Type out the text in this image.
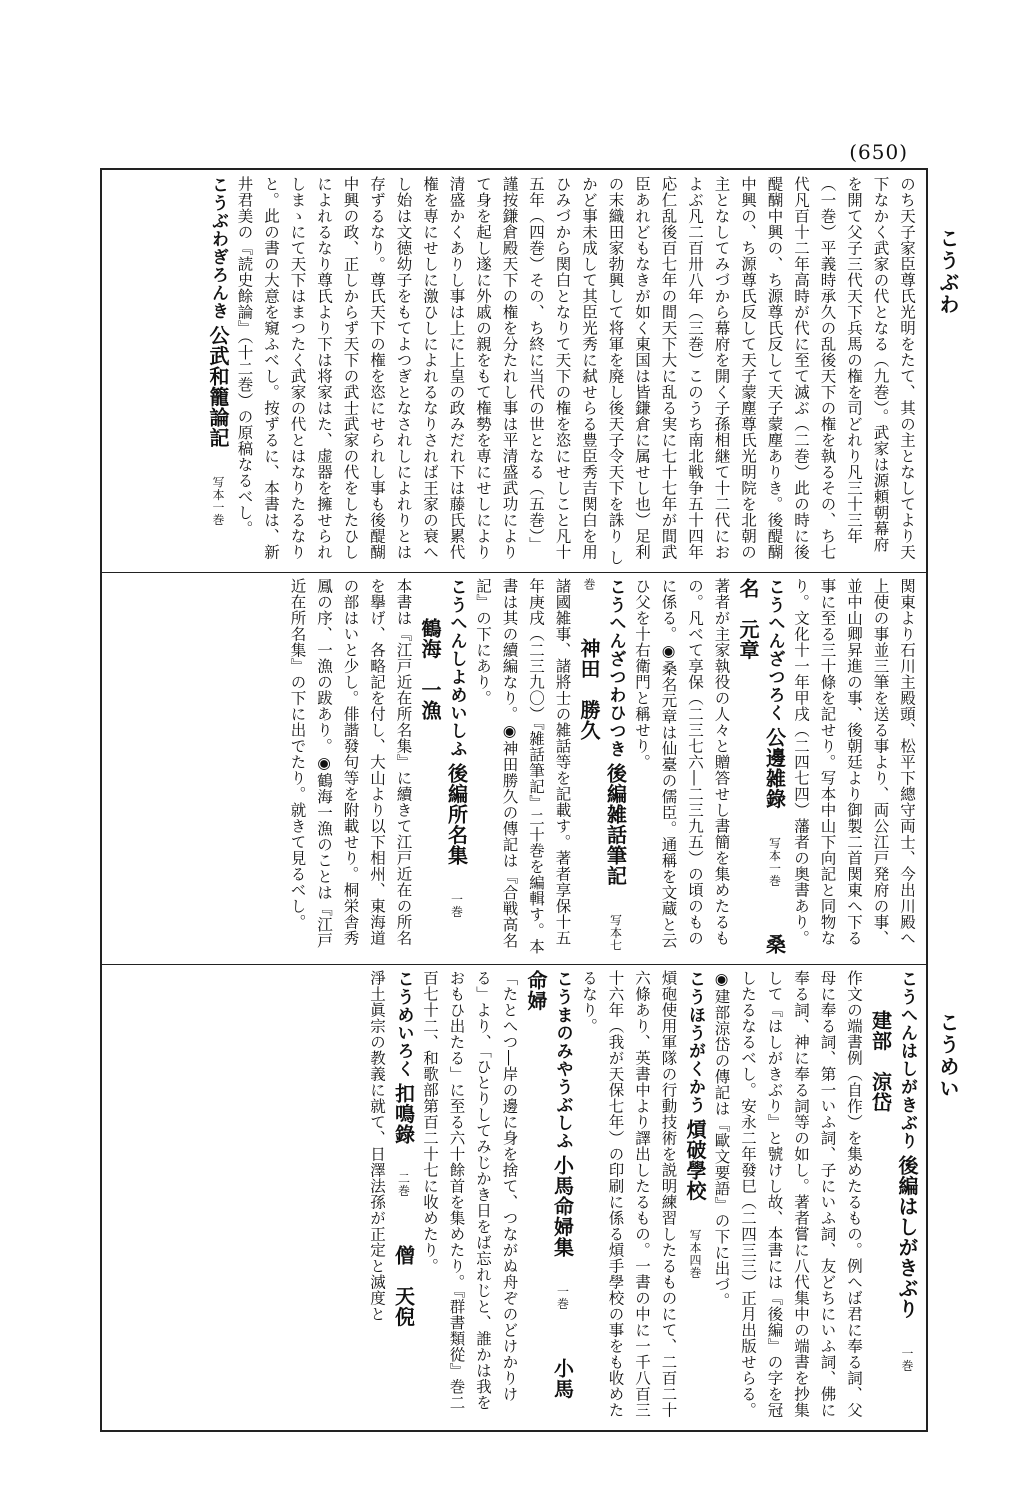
(650)
こうぶわ
こうめい
のち天子家臣尊氏光明をたて、其の主となしてより天下なかく武家の代となる（九巻）。武家は源頼朝幕府を開て父子三代天下兵馬の権を司どれり凡三十三年（一巻）平義時承久の乱後天下の権を執るその、ち七代凡百十二年高時が代に至て滅ぶ（二巻）此の時に後醍醐中興の、ち源尊氏反して天子蒙塵ありき。後醍醐中興の、ち源尊氏反して天子蒙塵尊氏光明院を北朝の主となしてみづから幕府を開く子孫相継て十二代におよぶ凡二百卅八年（三巻）このうち南北戦争五十四年応仁乱後百七年の間天下大に乱る実に七十七年が間武臣あれどもなきが如く東国は皆鎌倉に属せし也）足利の末織田家勃興して将軍を廃し後天子令天下を誅り しかど事未成して其臣光秀に弑せらる豊臣秀吉関白を用ひみづから関白となりて天下の権を恣にせしこと凡十五年（四巻）その、ち終に当代の世となる（五巻）」謹按鎌倉殿天下の権を分たれし事は平清盛武功によりて身を起し遂に外戚の親をもて権勢を専にせしにより清盛かくありし事は上に上皇の政みだれ下は藤氏累代権を専にせしに激ひしによれるなりされば王家の衰へし始は文徳幼子をもてよつぎとなされしによれりとは存ずるなり。尊氏天下の権を恣にせられし事も後醍醐中興の政、正しからず天下の武士武家の代をしたひしによれるなり尊氏より下は将家はた、虚器を擁せられしまゝにて天下はまつたく武家の代とはなりたるなりと。此の書の大意を窺ふべし。按ずるに、本書は、新井君美の『読史餘論』（十二巻）の原稿なるべし。
こうぶわぎろんき 公武和籠論記 写本一巻
関東より石川主殿頭、松平下總守両士、今出川殿へ上使の事並三筆を送る事より、両公江戸発府の事、並中山卿昇進の事、後朝廷より御製二首関東へ下る事に至る三十條を記せり。写本中山下向記と同物なり。文化十一年甲戌（二四七四）藩者の奥書あり。
こうへんざつろく 公邊雑錄 写本一巻 桑名　元章
著者が主家執役の人々と贈答せし書簡を集めたるもの。凡べて享保（二三七六―二三九五）の頃のものに係る。◉桑名元章は仙臺の儒臣。通稱を文蔵と云ひ父を十右衛門と稱せり。
こうへんざつわひつき 後編雑話筆記 写本七巻 神田　勝久
諸國雑事、諸將士の雑話等を記載す。著者享保十五年庚戌（二三九〇）『雑話筆記』二十巻を編輯す。本書は其の續編なり。◉神田勝久の傳記は『合戦高名記』の下にあり。
こうへんしよめいしふ 後編所名集 一巻 鶴海　一漁
本書は『江戸近在所名集』に續きて江戸近在の所名を擧げ、各略記を付し、大山より以下相州、東海道の部はいと少し。俳諧發句等を附載せり。桐栄舎秀鳳の序、一漁の跋あり。◉鶴海一漁のことは『江戸近在所名集』の下に出でたり。就きて見るべし。
こうへんはしがきぶり 後編はしがきぶり 一巻 建部　涼岱
作文の端書例（自作）を集めたるもの。例へば君に奉る詞、父母に奉る詞、第一いふ詞、子にいふ詞、友どちにいふ詞、佛に奉る詞、神に奉る詞等の如し。著者嘗に八代集中の端書を抄集して『はしがきぶり』と號けし故、本書には『後編』の字を冠したるなるべし。安永二年發巳（二四三三）正月出版せらる。◉建部涼岱の傳記は『歐文要語』の下に出づ。
こうほうがくかう 熕破學校 写本四巻
熕砲使用軍隊の行動技術を説明練習したるものにて、二百二十六條あり、英書中より譯出したるもの。一書の中に一千八百三十六年（我が天保七年）の印刷に係る熕手學校の事をも收めたるなり。
こうまのみやうぶしふ 小馬命婦集 一巻 小馬　命婦
「たとへつ―岸の邊に身を捨て、つながぬ舟ぞのどけかりける」より、「ひとりしてみじかき日をば忘れじと、誰かは我をおもひ出たる」に至る六十餘首を集めたり。『群書類從』巻二百七十二、和歌部第百二十七に收めたり。
こうめいろく 扣鳴錄 二巻 僧　天倪
淨土眞宗の教義に就て、日澤法孫が正定と滅度と
